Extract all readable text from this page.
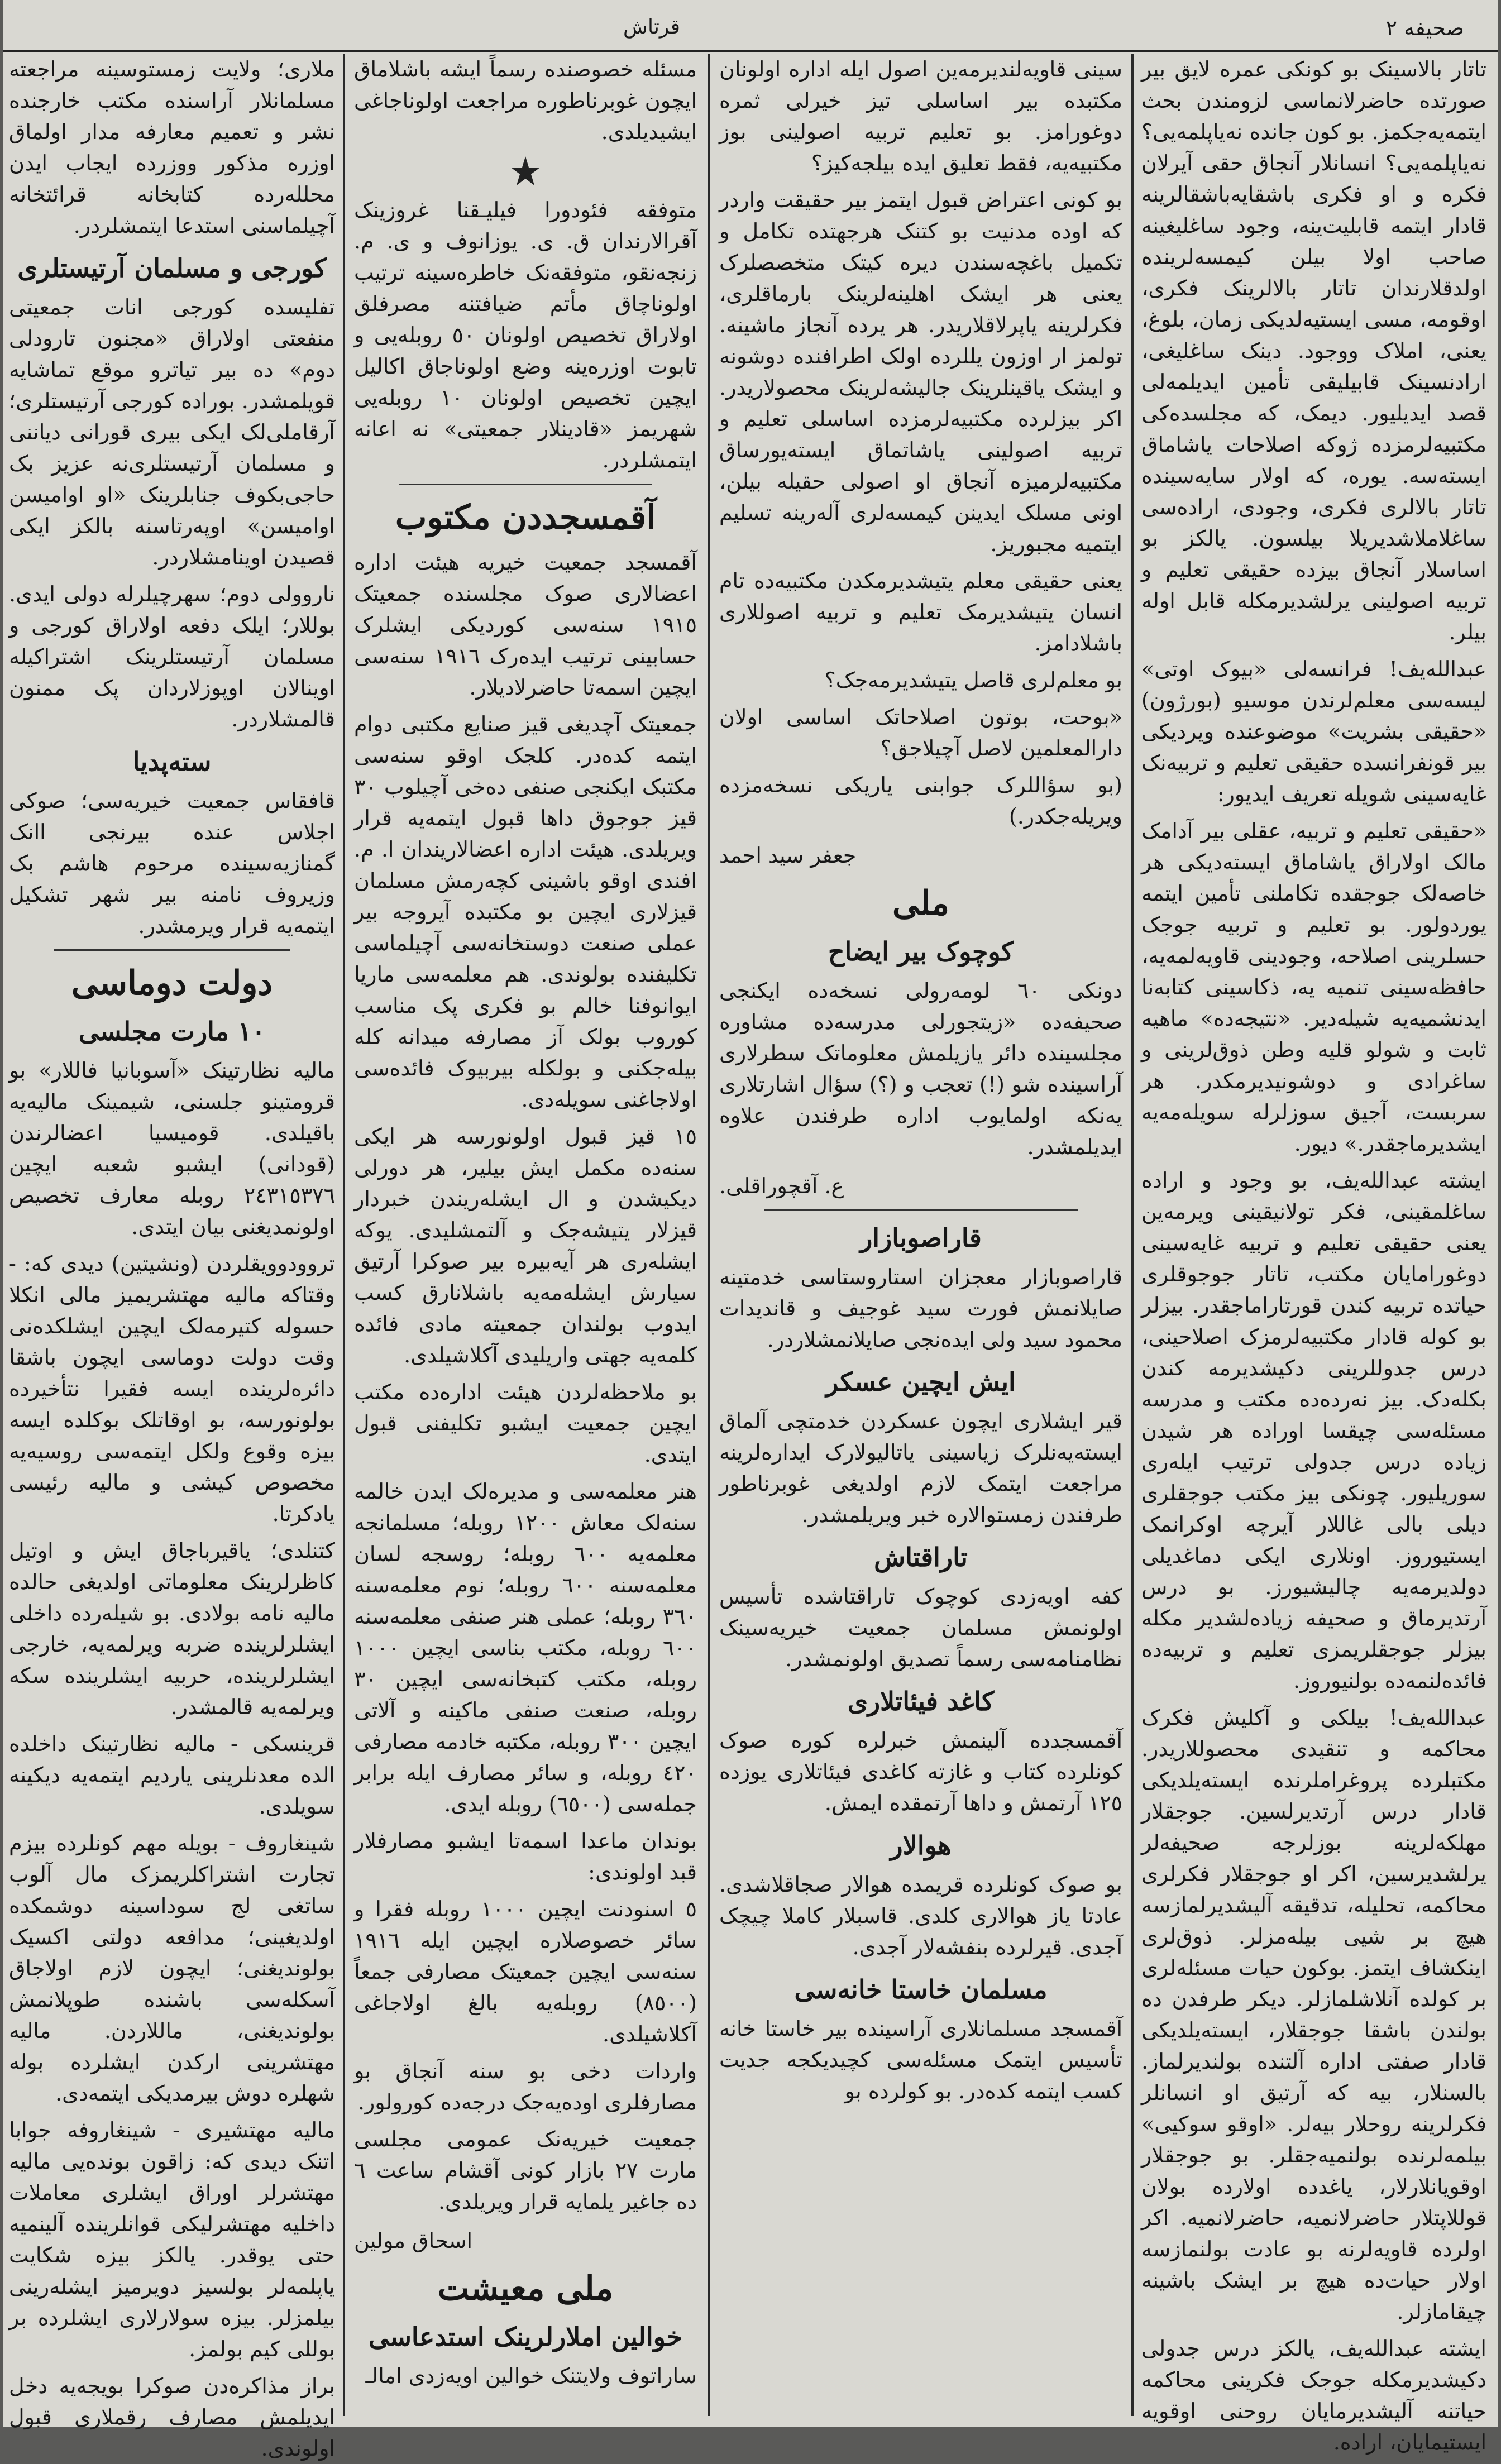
صحیفه ٢
قرتاش

تاتار بالاسینک بو کونکی عمره لایق بیر صورتده حاضرلانماسی لزومندن بحث ایتمه‌یه‌جکمز. بو کون جانده نه‌یاپلمه‌یی؟ نه‌یاپلمه‌یی؟ انسانلار آنجاق حقی آیرلان فکره و او فکری باشقا‌یه‌باشقا‌لرینه قادار ایتمه قابلیت‌ینه، وجود ساغلیغینه صاحب اولا بیلن کیمسه‌لرینده اولدقلارندان تاتار بالالرینک فکری، اوقومه، مسی ایستیه‌لدیکی زمان، بلوغ، یعنی، املاک ووجود. دینک ساغلیغی، ارادنسینک قابیلیقی تأمین ایدیلمه‌لی قصد ایدیلیور. دیمک، که مجلسده‌کی مکتبیه‌لرمزده ژوکه اصلاحات یاشاماق ایسته‌سه. یوره، که اولار سایه‌سینده تاتار بالالری فکری، وجودی، اراده‌سی ساغلاملاشدیریلا بیلسون. یالکز بو اساسلار آنجاق بیزده حقیقی تعلیم و تربیه اصولینی یرلشدیرمکله قابل اوله بیلر.

عبدالله‌یف! فرانسه‌لی «بیوک اوتی» لیسه‌سی معلم‌لرندن موسیو (بورژون) «حقیقی بشریت» موضوعنده ویردیکی بیر قونفرانسده حقیقی تعلیم و تربیه‌نک غایه‌سینی شویله تعریف ایدیور:

«حقیقی تعلیم و تربیه، عقلی بیر آدامک مالک اولاراق یاشاماق ایسته‌دیکی هر خاصه‌لک جوجقده تکاملنی تأمین ایتمه یوردولور. بو تعلیم و تربیه جوجک حسلرینی اصلاحه، وجودینی قاویه‌لمه‌یه، حافظه‌سینی تنمیه یه، ذکاسینی کتابه‌نا ایدنشمیه‌یه شیله‌دیر. «نتیجه‌ده» ماهیه ثابت و شولو قلیه وطن ذوق‌لرینی و ساغرادی و دوشونیدیرمکدر. هر سربست، آجیق سوزلرله سویله‌مه‌یه ایشدیرماجقدر.» دیور.

ایشته عبدالله‌یف، بو وجود و اراده ساغلمقینی، فکر تولانیقینی ویرمه‌ین یعنی حقیقی تعلیم و تربیه غایه‌سینی دوغورامایان مکتب، تاتار جوجوقلری حیاتده تربیه کندن قورتاراماجقدر. بیزلر بو کوله قادار مکتبیه‌لرمزک اصلاحینی، درس جدوللرینی دکیشدیرمه کندن بکله‌دک. بیز نه‌رده‌ده مکتب و مدرسه مسئله‌سی چیقسا اوراده هر شیدن زیاده درس جدولی ترتیب ایله‌ری سوریلیور. چونکی بیز مکتب جوجقلری دیلی بالی غاللار آیرچه اوکرانمک ایستیوروز. اونلاری ایکی دماغدیلی دولدیرمه‌یه چالیشیورز. بو درس آرتدیرماق و صحیفه زیاده‌لشدیر مکله بیزلر جوجقلریمزی تعلیم و تربیه‌ده فائده‌لنمه‌ده بولنیوروز.

عبدالله‌یف! بیلکی و آکلیش فکرک محاکمه و تنقیدی محصوللاریدر. مکتبلرده پروغراملرنده ایسته‌یلدیکی قادار درس آرتدیرلسین. جوجقلار مهلکه‌لرینه بوزلرجه صحیفه‌لر یرلشدیرسین، اکر او جوجقلار فکرلری محاکمه، تحلیله، تدقیقه آلیشدیرلمازسه هیچ بر شیی بیله‌مزلر. ذوق‌لری اینکشاف ایتمز. بوکون حیات مسئله‌لری بر کولده آنلاشلمازلر. دیکر طرفدن ده بولندن باشقا جوجقلار، ایسته‌یلدیکی قادار صفتی اداره آلتنده بولندیرلماز. بالسنلار، بیه که آرتیق او انسانلر فکرلرینه روحلار بیه‌لر. «اوقو سوکیی» بیلمه‌لرنده بولنمیه‌جقلر. بو جوجقلار اوقویانلارلار، یاغدده اولارده بولان قوللاپتلار حاضرلانمیه، حاضرلانمیه. اکر اولرده قاویه‌لرنه بو عادت بولنمازسه اولار حیات‌ده هیچ بر ایشک باشینه چیقامازلر.

ایشته عبدالله‌یف، یالکز درس جدولی دکیشدیرمکله جوجک فکرینی محاکمه حیاتنه آلیشدیرمایان روحنی اوقویه ایستیمایان، اراده.

سینی قاویه‌لندیرمه‌ین اصول ایله اداره اولونان مکتبده بیر اساسلی تیز خیرلی ثمره دوغورامز. بو تعلیم تربیه اصولینی بوز مکتبیه‌یه، فقط تعلیق ایده بیلجه‌کیز؟

بو کونی اعتراض قبول ایتمز بیر حقیقت واردر که اوده مدنیت بو کتنک هرجهتده تکامل و تکمیل باغچه‌سندن دیره کیتک متخصصلرک یعنی هر ایشک اهلینه‌لرینک بارماقلری، فکرلرینه یاپرلاقلاریدر. هر یرده آنجاز ماشینه. تولمز ار اوزون یللرده اولک اطرافنده دوشونه و ایشک یاقینلرینک جالیشه‌لرینک محصولاریدر. اکر بیزلرده مکتبیه‌لرمزده اساسلی تعلیم و تربیه اصولینی یاشاتماق ایسته‌یورساق مکتبیه‌لرمیزه آنجاق او اصولی حقیله بیلن، اونی مسلک ایدینن کیمسه‌لری آله‌رینه تسلیم ایتمیه مجبوریز.

یعنی حقیقی معلم یتیشدیرمکدن مکتبیه‌ده تام انسان یتیشدیرمک تعلیم و تربیه اصوللاری باشلادامز.

بو معلم‌لری قاصل یتیشدیرمه‌جک؟

«بوحت، بوتون اصلاحاتک اساسی اولان دارالمعلمین لاصل آچیلاجق؟

(بو سؤاللرک جوابنی یاریکی نسخه‌مزده ویریله‌جکدر.)

جعفر سید احمد

ملی
کوچوک بیر ایضاح

دونکی ٦٠ لومه‌رولی نسخه‌ده ایکنجی صحیفه‌ده «زیتجورلی مدرسه‌ده مشاوره مجلسینده دائر یازیلمش معلوماتک سطرلاری آراسینده شو (!) تعجب و (؟) سؤال اشارتلاری یه‌نکه اولمایوب اداره طرفندن علاوه ایدیلمشدر.

ع. آقچوراقلی.

قاراصوبازار

قاراصوبازار معجزان استاروستاسی خدمتینه صایلانمش فورت سید غوجیف و قاندیدات محمود سید ولی ایده‌نجی صایلانمشلاردر.

ایش ایچین عسکر

قیر ایشلاری ایچون عسکردن خدمتچی آلماق ایسته‌یه‌نلرک زیاسینی یاتالیولارک ایداره‌لرینه مراجعت ایتمک لازم اولدیغی غوبرنا‌طور طرفندن زمستوالاره خبر ویریلمشدر.

تاراقتاش

کفه اویه‌زدی کوچوک تاراقتاشده تأسیس اولونمش مسلمان جمعیت خیریه‌سینک نظامنامه‌سی رسماً تصدیق اولونمشدر.

کاغد فیئاتلاری

آقمسجدده آلینمش خبرلره کوره صوک کونلرده کتاب و غازته کاغدی فیئاتلاری یوزده ١٢٥ آرتمش و داها آرتمقده ایمش.

هوالار

بو صوک کونلرده قریمده هوالار صجاقلاشدی. عادتا یاز هوالاری کلدی. قاسبلار کاملا چیچک آجدی. قیرلرده بنفشه‌لار آجدی.

مسلمان خاستا خانه‌سی

آقمسجد مسلمانلاری آراسینده بیر خاستا خانه تأسیس ایتمک مسئله‌سی کچیدیکجه جدیت کسب ایتمه کده‌در. بو کولرده بو

مسئله خصوصنده رسماً ایشه باشلاماق ایچون غوبرناطوره مراجعت اولوناجاغی ایشیدیلدی.

متوفقه فئودورا فیلیـقنا غروزینک آقرالارندان ق. ی. یوزانوف و ی. م. زنجه‌نقو، متوفقه‌نک خاطره‌سینه ترتیب اولوناچاق مأتم ضیافتنه مصرفلق اولاراق تخصیص اولونان ٥٠ روبله‌یی و تابوت اوزره‌ینه وضع اولوناجاق اکالیل ایچین تخصیص اولونان ١٠ روبله‌یی شهریمز «قادینلار جمعیتی» نه اعانه ایتمشلردر.

آقمسجددن مکتوب

آقمسجد جمعیت خیریه هیئت اداره اعضالاری صوک مجلسنده جمعیتک ١٩١٥ سنه‌سی کوردیکی ایشلرک حسابینی ترتیب ایده‌رک ١٩١٦ سنه‌سی ایچین اسمه‌تا حاضرلادیلار.

جمعیتک آچدیغی قیز صنایع مکتبی دوام ایتمه کده‌در. کلجک اوقو سنه‌سی مکتبک ایکنجی صنفی ده‌خی آچیلوب ٣٠ قیز جوجوق داها قبول ایتمه‌یه قرار ویریلدی. هیئت اداره اعضالاریندان ا. م. افندی اوقو باشینی کچه‌رمش مسلمان قیزلاری ایچین بو مکتبده آیروجه بیر عملی صنعت دوستخانه‌سی آچیلماسی تکلیفنده بولوندی. هم معلمه‌سی ماریا ایوانوفنا خالم بو فکری پک مناسب کوروب بولک آز مصارفه میدانه کله بیله‌جکنی و بولکله بیربیوک فائده‌سی اولاجاغنی سویله‌دی.

١٥ قیز قبول اولونورسه هر ایکی سنه‌ده مکمل ایش بیلیر، هر دورلی دیکیشدن و ال ایشله‌ریندن خبردار قیزلار یتیشه‌جک و آلتمشلیدی. یوکه ایشله‌ری هر آیه‌بیره بیر صوکرا آرتیق سیارش ایشله‌مه‌یه باشلانارق کسب ایدوب بولندان جمعیته مادی فائده کلمه‌یه جهتی واریلیدی آکلاشیلدی.

بو ملاحظه‌لردن هیئت اداره‌ده مکتب ایچین جمعیت ایشبو تکلیفنی قبول ایتدی.

هنر معلمه‌سی و مدیره‌لک ایدن خالمه سنه‌لک معاش ١٢٠٠ روبله؛ مسلمانجه معلمه‌یه ٦٠٠ روبله؛ روسجه لسان معلمه‌سنه ٦٠٠ روبله؛ نوم معلمه‌سنه ٣٦٠ روبله؛ عملی هنر صنفی معلمه‌سنه ٦٠٠ روبله، مکتب بناسی ایچین ١٠٠٠ روبله، مکتب کتبخانه‌سی ایچین ٣٠ روبله، صنعت صنفی ماکینه و آلاتی ایچین ٣٠٠ روبله، مکتبه خادمه مصارفی ٤٢٠ روبله، و سائر مصارف ایله برابر جمله‌سی (٦٥٠٠) روبله ایدی.

بوندان ماعدا اسمه‌تا ایشبو مصارفلار قبد اولوندی:

٥ اسنودنت ایچین ١٠٠٠ روبله فقرا و سائر خصوصلاره ایچین ایله ١٩١٦ سنه‌سی ایچین جمعیتک مصارفی جمعاً (٨٥٠٠) روبله‌یه بالغ اولاجاغی آکلاشیلدی.

واردات دخی بو سنه آنجاق بو مصارفلری اوده‌یه‌جک درجه‌ده کورولور.

جمعیت خیریه‌نک عمومی مجلسی مارت ٢٧ بازار کونی آقشام ساعت ٦ ده جاغیر یلمایه قرار ویریلدی.

اسحاق مولین

ملی معیشت
خوالین املارلرینک استدعاسی

ساراتوف ولایتنک خوالین اویه‌زدی امالـ

ملاری؛ ولایت زمستوسینه مراجعته مسلمانلار آراسنده مکتب خارجنده نشر و تعمیم معارفه مدار اولماق اوزره مذکور ووزرده ایجاب ایدن محلله‌رده کتابخانه قرائتخانه آچیلماسنی استدعا ایتمشلردر.

کورجی و مسلمان آرتیستلری

تفلیسده کورجی انات جمعیتی منفعتی اولاراق «مجنون تارودلی دوم» ده بیر تیاترو موقع تماشایه قویلمشدر. بو‌راده کورجی آرتیستلری؛ آرقاملی‌لک ایکی بیری قورانی دیاننی و مسلمان آرتیستلری‌نه عزیز بک حاجی‌بکوف جنابلرینک «او اوامیسن اوامیسن» اوپه‌رتاسنه بالکز ایکی قصیدن اوینامشلاردر.

ناروولی دوم؛ سهرچیلرله دولی ایدی. بوللار؛ ایلک دفعه اولاراق کورجی و مسلمان آرتیستلرینک اشتراکیله اوینالان اوپوزلاردان پک ممنون قالمشلاردر.

سته‌پدیا

قافقاس جمعیت خیریه‌سی؛ صوکی اجلاس عنده بیرنجی اانک گمنازیه‌سینده مرحوم هاشم بک وزیروف نامنه بیر شهر تشکیل ایتمه‌یه قرار ویرمشدر.

دولت دوماسی
١٠ مارت مجلسی

مالیه نظارتینک «آسوبانیا فاللار» بو قرومتینو جلسنی، شیمینک مالیه‌یه باقیلدی. قومیسیا اعضالرندن (قودانی) ایشبو شعبه ایچین ٢٤٣١٥٣٧٦ روبله معارف تخصیص اولونمدیغنی بیان ایتدی.

تروودوویقلردن (ونشیتین) دیدی که: - وقتاکه مالیه مهتشریمیز مالی انکلا حسوله کتیرمه‌لک ایچین ایشلکده‌نی وقت دولت دوماسی ایچون باشقا دائره‌لرینده ایسه فقیرا نتأخیرده بولونورسه، بو اوقاتلک بوکلده ایسه بیزه وقوع ولکل ایتمه‌سی روسیه‌یه مخصوص کیشی و مالیه رئیسی یادکرتا.

کتنلدی؛ یاقیرباجاق ایش و اوتیل کاظرلرینک معلوماتی اولدیغی حالده مالیه نامه بولادی. بو شیله‌رده داخلی ایشلرلرینده ضربه ویرلمه‌یه، خارجی ایشلرلرینده، حربیه ایشلرینده سکه ویرلمه‌یه قالمشدر.

قرینسکی - مالیه نظارتینک داخلده الده معدنلرینی یاردیم ایتمه‌یه دیکینه سویلدی.

شینغاروف - بویله مهم کونلرده بیزم تجارت اشتراکلریمزک مال آلوب ساتغی لج سوداسینه دوشمکده اولدیغینی؛ مدافعه دولتی اکسیک بولوندیغنی؛ ایچون لازم اولاجاق آسکله‌سی باشنده طوپلانمش بولوندیغنی، ماللاردن. مالیه مهتشرینی ارکدن ایشلرده بوله شهلره دوش بیرمدیکی ایتمه‌دی.

مالیه مهتشیری - شینغاروفه جوابا اتنک دیدی که: زاقون بونده‌یی مالیه مهتشرلر اوراق ایشلری معاملات داخلیه مهتشرلیکی قوانلرینده آلینمیه حتی یوقدر. یالکز بیزه شکایت یاپلمه‌لر بولسیز دویرمیز ایشله‌رینی بیلمزلر. بیزه سولارلاری ایشلرده بر بوللی کیم بولمز.

براز مذاکره‌دن صوکرا بویجه‌یه دخل ایدیلمش مصارف رقملاری قبول اولوندی.
